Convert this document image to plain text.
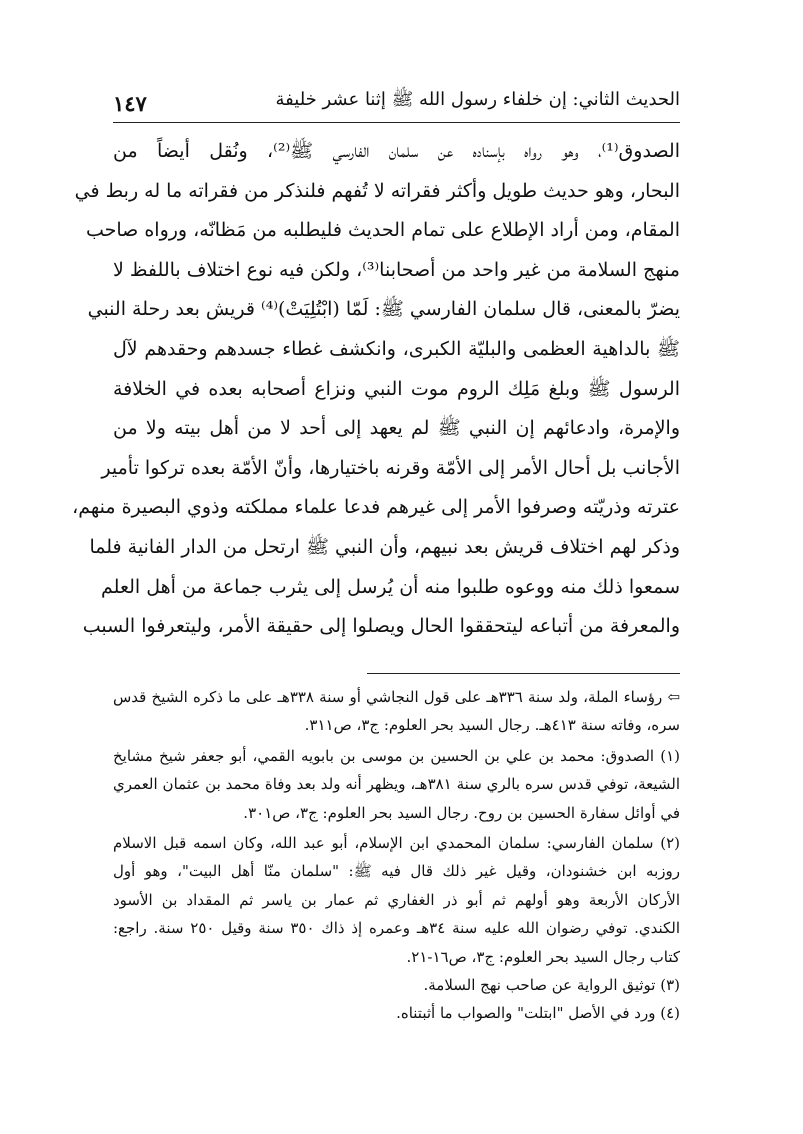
الحديث الثاني: إن خلفاء رسول الله ﷺ إثنا عشر خليفة
١٤٧
الصدوق⁽¹⁾، وهو رواه بإسناده عن سلمان الفارسي ﷺ⁽²⁾، ونُقل أيضاً من
البحار، وهو حديث طويل وأكثر فقراته لا تُفهم فلنذكر من فقراته ما له ربط في
المقام، ومن أراد الإطلاع على تمام الحديث فليطلبه من مَظانّه، ورواه صاحب
منهج السلامة من غير واحد من أصحابنا⁽³⁾، ولكن فيه نوع اختلاف باللفظ لا
يضرّ بالمعنى، قال سلمان الفارسي ﷺ: لَمّا (ابْتُلِيَتْ)⁽⁴⁾ قريش بعد رحلة النبي
ﷺ بالداهية العظمى والبليّة الكبرى، وانكشف غطاء جسدهم وحقدهم لآل
الرسول ﷺ وبلغ مَلِك الروم موت النبي ونزاع أصحابه بعده في الخلافة
والإمرة، وادعائهم إن النبي ﷺ لم يعهد إلى أحد لا من أهل بيته ولا من
الأجانب بل أحال الأمر إلى الأمّة وقرنه باختيارها، وأنّ الأمّة بعده تركوا تأمير
عترته وذريّته وصرفوا الأمر إلى غيرهم فدعا علماء مملكته وذوي البصيرة منهم،
وذكر لهم اختلاف قريش بعد نبيهم، وأن النبي ﷺ ارتحل من الدار الفانية فلما
سمعوا ذلك منه ووعوه طلبوا منه أن يُرسل إلى يثرب جماعة من أهل العلم
والمعرفة من أتباعه ليتحققوا الحال ويصلوا إلى حقيقة الأمر، وليتعرفوا السبب
⇦ رؤساء الملة، ولد سنة ٣٣٦هـ على قول النجاشي أو سنة ٣٣٨هـ على ما ذكره الشيخ قدس
سره، وفاته سنة ٤١٣هـ. رجال السيد بحر العلوم: ج٣، ص٣١١.
(١) الصدوق: محمد بن علي بن الحسين بن موسى بن بابويه القمي، أبو جعفر شيخ مشايخ
الشيعة، توفي قدس سره بالري سنة ٣٨١هـ، ويظهر أنه ولد بعد وفاة محمد بن عثمان العمري
في أوائل سفارة الحسين بن روح. رجال السيد بحر العلوم: ج٣، ص٣٠١.
(٢) سلمان الفارسي: سلمان المحمدي ابن الإسلام، أبو عبد الله، وكان اسمه قبل الاسلام
روزبه ابن خشنودان، وقيل غير ذلك قال فيه ﷺ: "سلمان منّا أهل البيت"، وهو أول
الأركان الأربعة وهو أولهم ثم أبو ذر الغفاري ثم عمار بن ياسر ثم المقداد بن الأسود
الكندي. توفي رضوان الله عليه سنة ٣٤هـ وعمره إذ ذاك ٣٥٠ سنة وقيل ٢٥٠ سنة. راجع:
كتاب رجال السيد بحر العلوم: ج٣، ص١٦-٢١.
(٣) توثيق الرواية عن صاحب نهج السلامة.
(٤) ورد في الأصل "ابتلت" والصواب ما أثبتناه.
